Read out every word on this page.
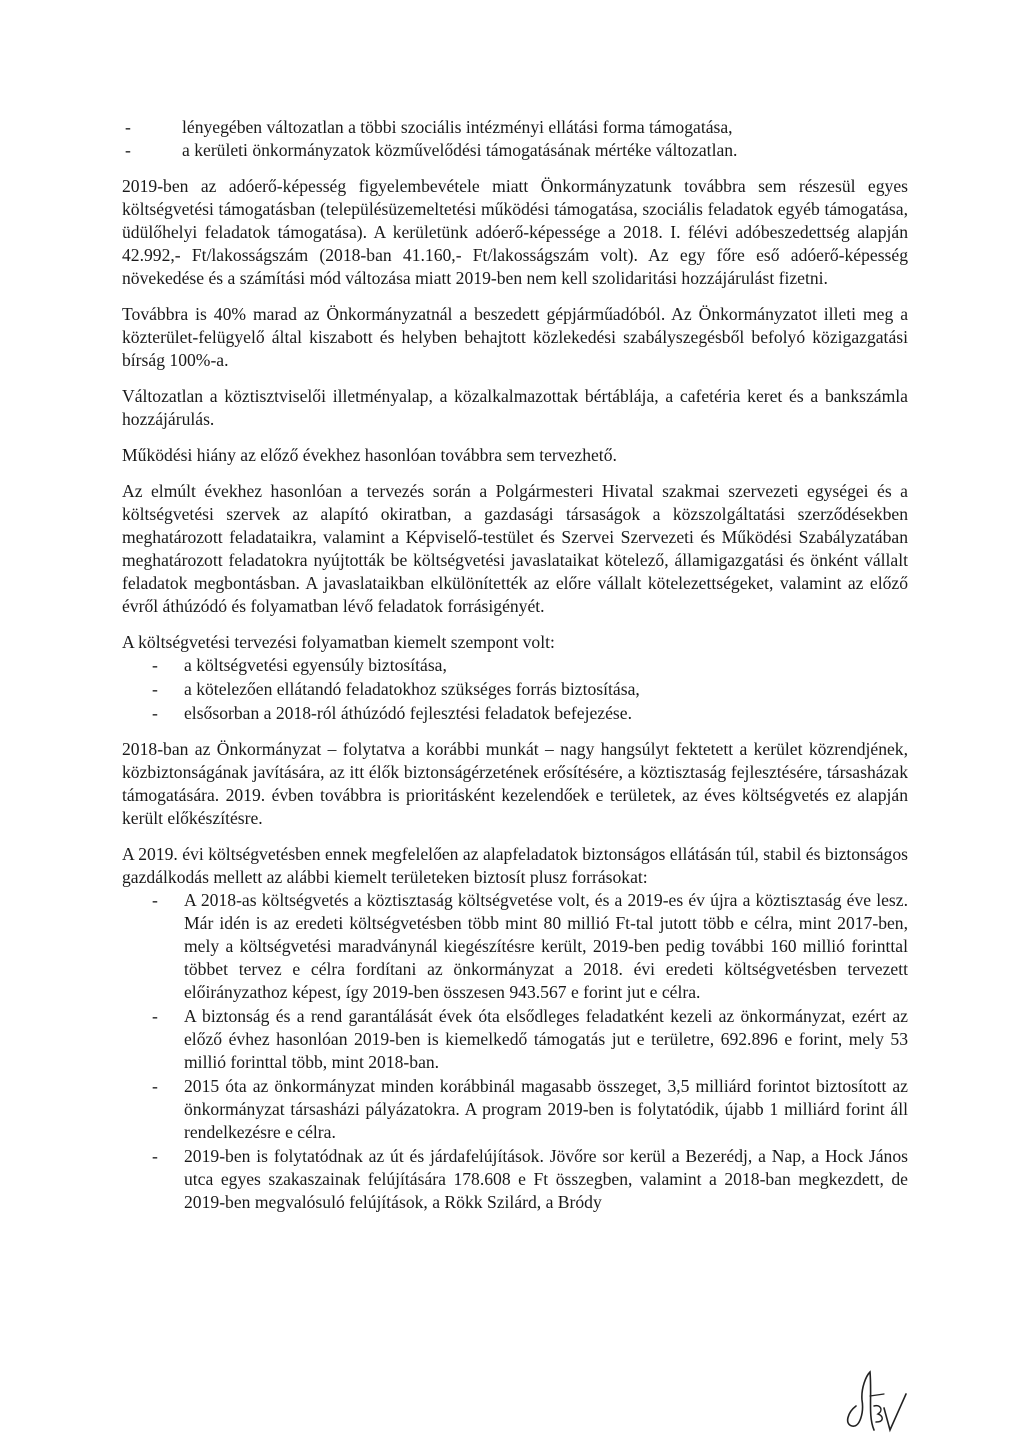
- lényegében változatlan a többi szociális intézményi ellátási forma támogatása,
- a kerületi önkormányzatok közművelődési támogatásának mértéke változatlan.

2019-ben az adóerő-képesség figyelembevétele miatt Önkormányzatunk továbbra sem részesül egyes költségvetési támogatásban (településüzemeltetési működési támogatása, szociális feladatok egyéb támogatása, üdülőhelyi feladatok támogatása). A kerületünk adóerő-képessége a 2018. I. félévi adóbeszedettség alapján 42.992,- Ft/lakosságszám (2018-ban 41.160,- Ft/lakosságszám volt). Az egy főre eső adóerő-képesség növekedése és a számítási mód változása miatt 2019-ben nem kell szolidaritási hozzájárulást fizetni.

Továbbra is 40% marad az Önkormányzatnál a beszedett gépjárműadóból. Az Önkormányzatot illeti meg a közterület-felügyelő által kiszabott és helyben behajtott közlekedési szabályszegésből befolyó közigazgatási bírság 100%-a.

Változatlan a köztisztviselői illetményalap, a közalkalmazottak bértáblája, a cafetéria keret és a bankszámla hozzájárulás.

Működési hiány az előző évekhez hasonlóan továbbra sem tervezhető.

Az elmúlt évekhez hasonlóan a tervezés során a Polgármesteri Hivatal szakmai szervezeti egységei és a költségvetési szervek az alapító okiratban, a gazdasági társaságok a közszolgáltatási szerződésekben meghatározott feladataikra, valamint a Képviselő-testület és Szervei Szervezeti és Működési Szabályzatában meghatározott feladatokra nyújtották be költségvetési javaslataikat kötelező, államigazgatási és önként vállalt feladatok megbontásban. A javaslataikban elkülönítették az előre vállalt kötelezettségeket, valamint az előző évről áthúzódó és folyamatban lévő feladatok forrásigényét.

A költségvetési tervezési folyamatban kiemelt szempont volt:

- a költségvetési egyensúly biztosítása,
- a kötelezően ellátandó feladatokhoz szükséges forrás biztosítása,
- elsősorban a 2018-ról áthúzódó fejlesztési feladatok befejezése.

2018-ban az Önkormányzat – folytatva a korábbi munkát – nagy hangsúlyt fektetett a kerület közrendjének, közbiztonságának javítására, az itt élők biztonságérzetének erősítésére, a köztisztaság fejlesztésére, társasházak támogatására. 2019. évben továbbra is prioritásként kezelendőek e területek, az éves költségvetés ez alapján került előkészítésre.

A 2019. évi költségvetésben ennek megfelelően az alapfeladatok biztonságos ellátásán túl, stabil és biztonságos gazdálkodás mellett az alábbi kiemelt területeken biztosít plusz forrásokat:

- A 2018-as költségvetés a köztisztaság költségvetése volt, és a 2019-es év újra a köztisztaság éve lesz. Már idén is az eredeti költségvetésben több mint 80 millió Ft-tal jutott több e célra, mint 2017-ben, mely a költségvetési maradványnál kiegészítésre került, 2019-ben pedig további 160 millió forinttal többet tervez e célra fordítani az önkormányzat a 2018. évi eredeti költségvetésben tervezett előirányzathoz képest, így 2019-ben összesen 943.567 e forint jut e célra.
- A biztonság és a rend garantálását évek óta elsődleges feladatként kezeli az önkormányzat, ezért az előző évhez hasonlóan 2019-ben is kiemelkedő támogatás jut e területre, 692.896 e forint, mely 53 millió forinttal több, mint 2018-ban.
- 2015 óta az önkormányzat minden korábbinál magasabb összeget, 3,5 milliárd forintot biztosított az önkormányzat társasházi pályázatokra. A program 2019-ben is folytatódik, újabb 1 milliárd forint áll rendelkezésre e célra.
- 2019-ben is folytatódnak az út és járdafelújítások. Jövőre sor kerül a Bezerédj, a Nap, a Hock János utca egyes szakaszainak felújítására 178.608 e Ft összegben, valamint a 2018-ban megkezdett, de 2019-ben megvalósuló felújítások, a Rökk Szilárd, a Bródy
